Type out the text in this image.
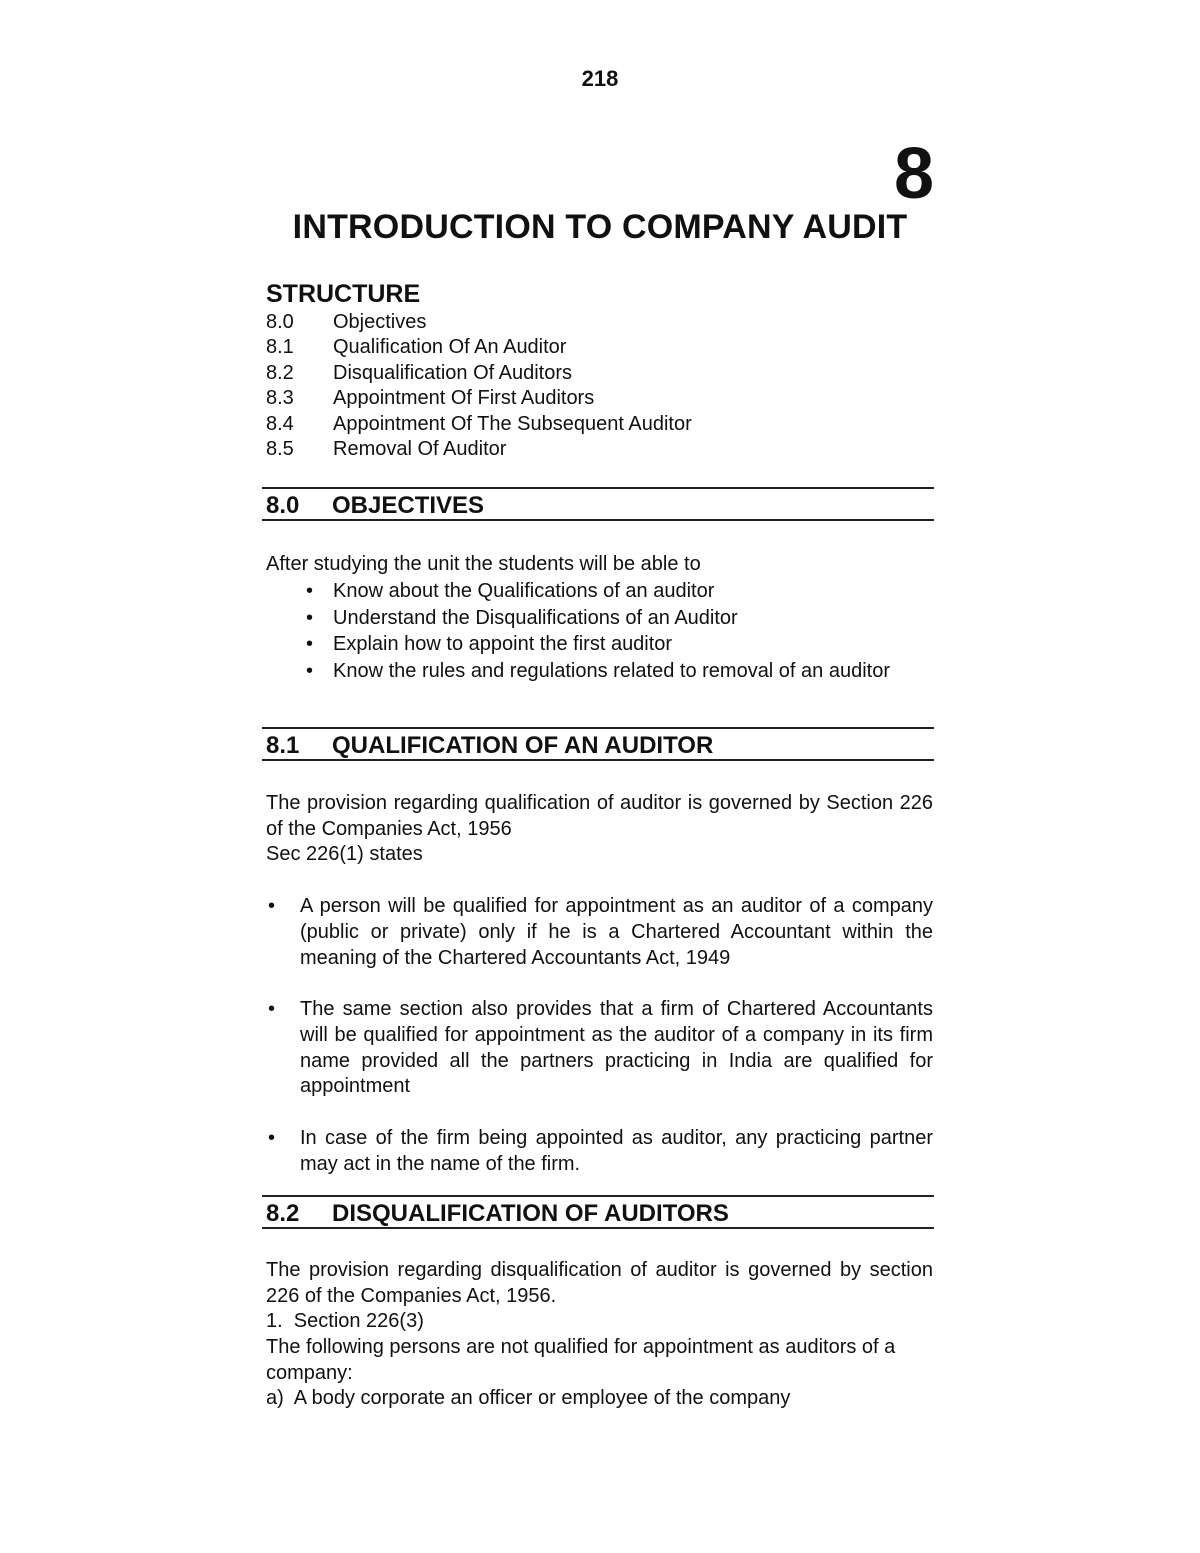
218
8
INTRODUCTION TO COMPANY AUDIT
STRUCTURE
8.0 Objectives
8.1 Qualification Of An Auditor
8.2 Disqualification Of Auditors
8.3 Appointment Of First Auditors
8.4 Appointment Of The Subsequent Auditor
8.5 Removal Of Auditor
8.0 OBJECTIVES
After studying the unit the students will be able to
• Know about the Qualifications of an auditor
• Understand the Disqualifications of an Auditor
• Explain how to appoint the first auditor
• Know the rules and regulations related to removal of an auditor
8.1 QUALIFICATION OF AN AUDITOR
The provision regarding qualification of auditor is governed by Section 226 of the Companies Act, 1956
Sec 226(1) states
• A person will be qualified for appointment as an auditor of a company (public or private) only if he is a Chartered Accountant within the meaning of the Chartered Accountants Act, 1949
• The same section also provides that a firm of Chartered Accountants will be qualified for appointment as the auditor of a company in its firm name provided all the partners practicing in India are qualified for appointment
• In case of the firm being appointed as auditor, any practicing partner may act in the name of the firm.
8.2 DISQUALIFICATION OF AUDITORS
The provision regarding disqualification of auditor is governed by section 226 of the Companies Act, 1956.
1.  Section 226(3)
The following persons are not qualified for appointment as auditors of a company:
a)  A body corporate an officer or employee of the company
